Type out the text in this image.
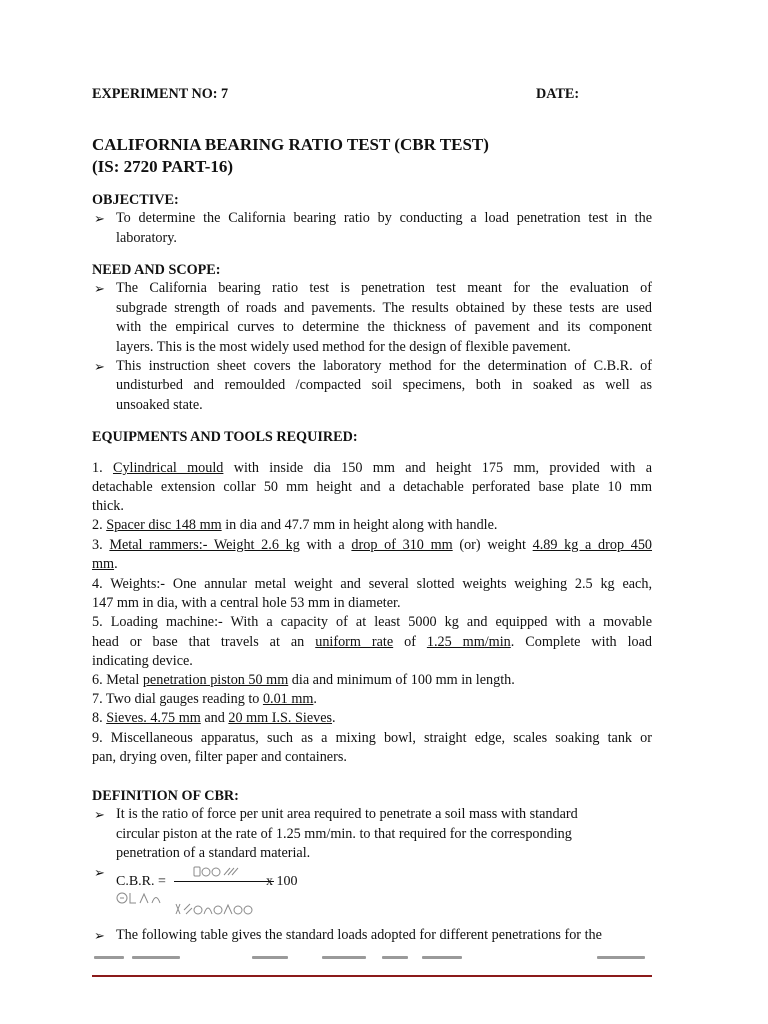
EXPERIMENT NO: 7	DATE:
CALIFORNIA BEARING RATIO TEST (CBR TEST)
(IS: 2720 PART-16)
OBJECTIVE:
➢ To determine the California bearing ratio by conducting a load penetration test in the
laboratory.
NEED AND SCOPE:
➢ The California bearing ratio test is penetration test meant for the evaluation of
subgrade strength of roads and pavements. The results obtained by these tests are used
with the empirical curves to determine the thickness of pavement and its component
layers. This is the most widely used method for the design of flexible pavement.
➢ This instruction sheet covers the laboratory method for the determination of C.B.R. of
undisturbed and remoulded /compacted soil specimens, both in soaked as well as
unsoaked state.
EQUIPMENTS AND TOOLS REQUIRED:
1. Cylindrical mould with inside dia 150 mm and height 175 mm, provided with a
detachable extension collar 50 mm height and a detachable perforated base plate 10 mm
thick.
2. Spacer disc 148 mm in dia and 47.7 mm in height along with handle.
3. Metal rammers:- Weight 2.6 kg with a drop of 310 mm (or) weight 4.89 kg a drop 450
mm.
4. Weights:- One annular metal weight and several slotted weights weighing 2.5 kg each,
147 mm in dia, with a central hole 53 mm in diameter.
5. Loading machine:- With a capacity of at least 5000 kg and equipped with a movable
head or base that travels at an uniform rate of 1.25 mm/min. Complete with load
indicating device.
6. Metal penetration piston 50 mm dia and minimum of 100 mm in length.
7. Two dial gauges reading to 0.01 mm.
8. Sieves. 4.75 mm and 20 mm I.S. Sieves.
9. Miscellaneous apparatus, such as a mixing bowl, straight edge, scales soaking tank or
pan, drying oven, filter paper and containers.
DEFINITION OF CBR:
➢ It is the ratio of force per unit area required to penetrate a soil mass with standard
circular piston at the rate of 1.25 mm/min. to that required for the corresponding
penetration of a standard material.
➢
C.B.R. =	x 100
➢ The following table gives the standard loads adopted for different penetrations for the
